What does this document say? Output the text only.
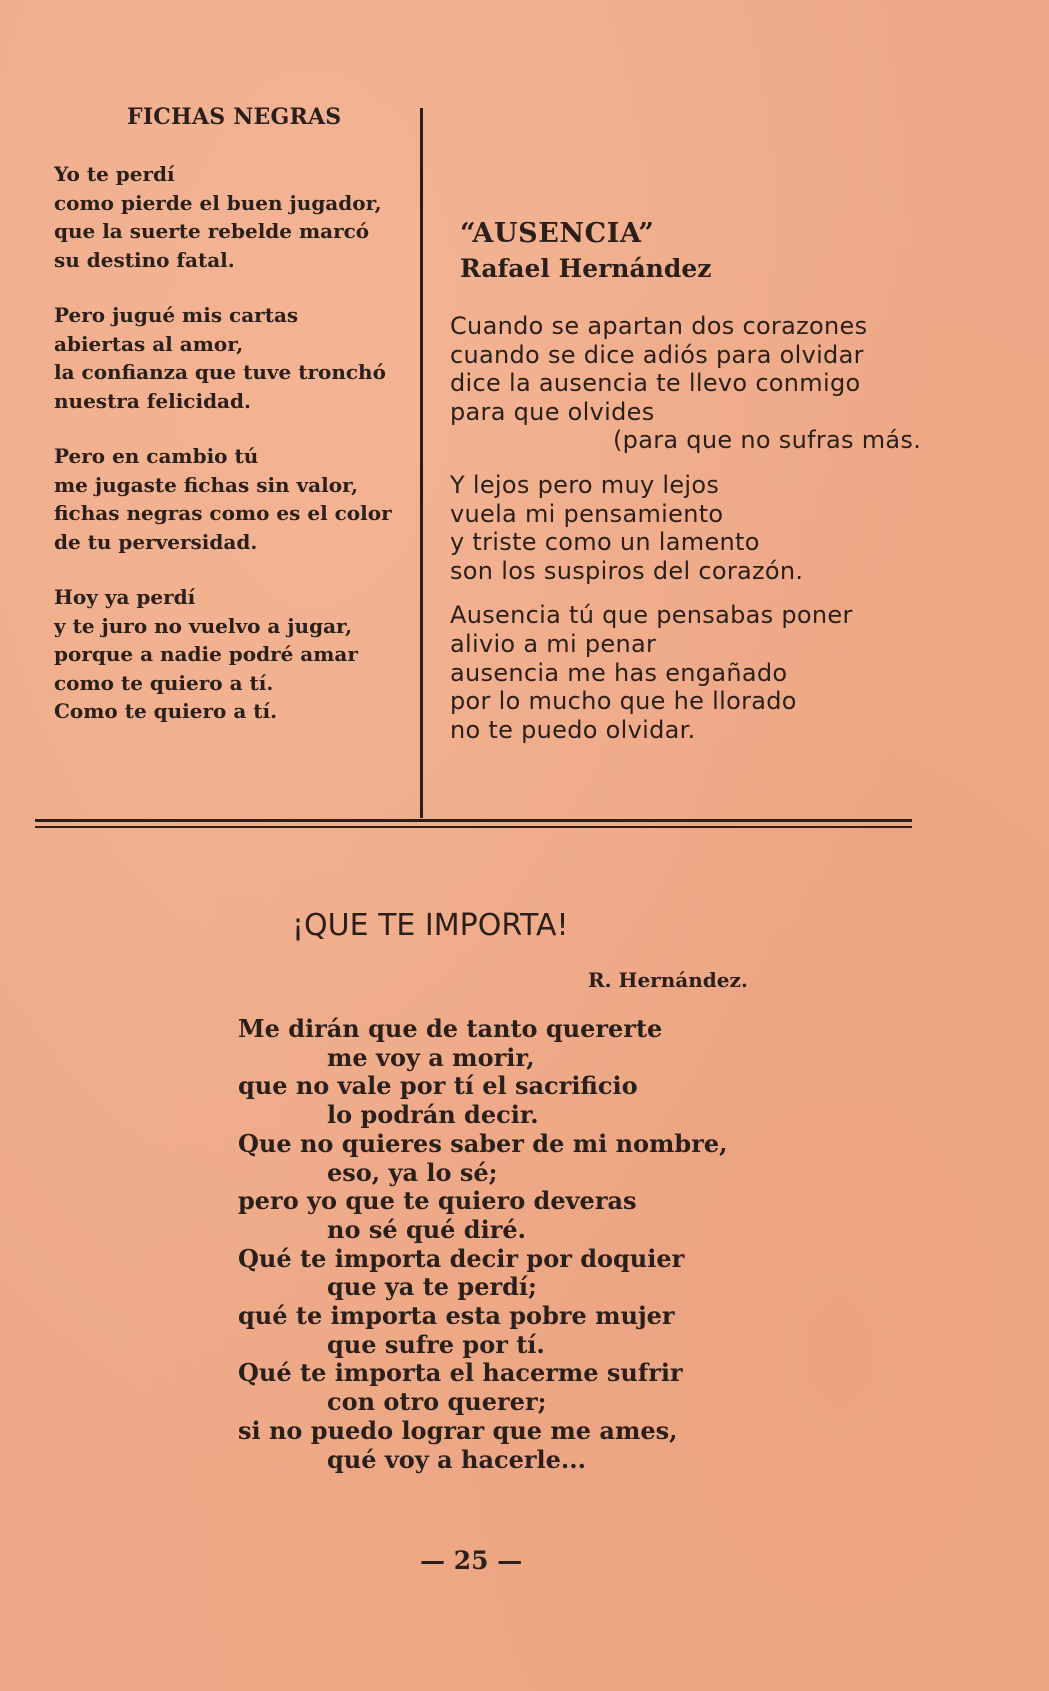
FICHAS NEGRAS
Yo te perdí
como pierde el buen jugador,
que la suerte rebelde marcó
su destino fatal.
Pero jugué mis cartas
abiertas al amor,
la confianza que tuve tronchó
nuestra felicidad.
Pero en cambio tú
me jugaste fichas sin valor,
fichas negras como es el color
de tu perversidad.
Hoy ya perdí
y te juro no vuelvo a jugar,
porque a nadie podré amar
como te quiero a tí.
Como te quiero a tí.
“AUSENCIA”
Rafael Hernández
Cuando se apartan dos corazones
cuando se dice adiós para olvidar
dice la ausencia te llevo conmigo
para que olvides
(para que no sufras más.
Y lejos pero muy lejos
vuela mi pensamiento
y triste como un lamento
son los suspiros del corazón.
Ausencia tú que pensabas poner
alivio a mi penar
ausencia me has engañado
por lo mucho que he llorado
no te puedo olvidar.
¡QUE TE IMPORTA!
R. Hernández.
Me dirán que de tanto quererte
me voy a morir,
que no vale por tí el sacrificio
lo podrán decir.
Que no quieres saber de mi nombre,
eso, ya lo sé;
pero yo que te quiero deveras
no sé qué diré.
Qué te importa decir por doquier
que ya te perdí;
qué te importa esta pobre mujer
que sufre por tí.
Qué te importa el hacerme sufrir
con otro querer;
si no puedo lograr que me ames,
qué voy a hacerle...
— 25 —
